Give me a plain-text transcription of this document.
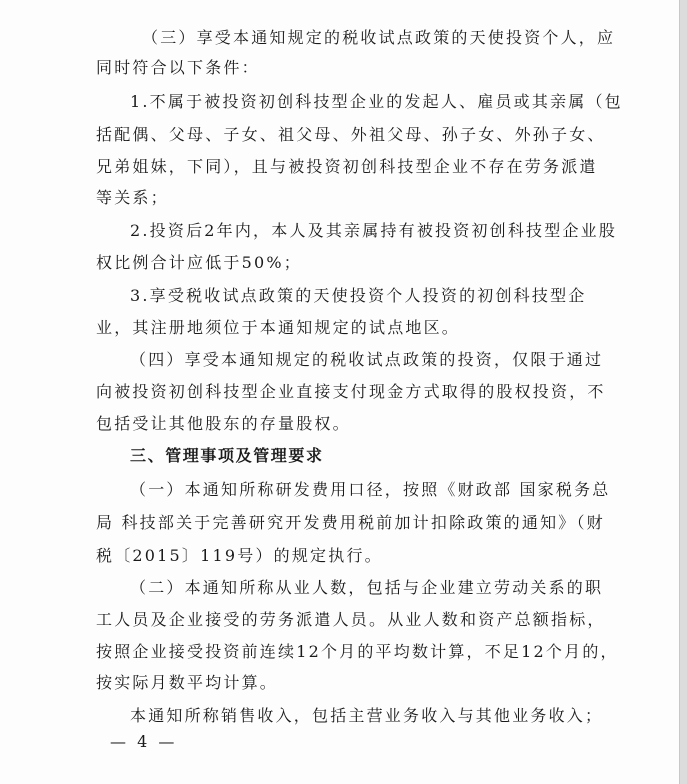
（三）享受本通知规定的税收试点政策的天使投资个人，应
同时符合以下条件：
1.不属于被投资初创科技型企业的发起人、雇员或其亲属（包
括配偶、父母、子女、祖父母、外祖父母、孙子女、外孙子女、
兄弟姐妹，下同），且与被投资初创科技型企业不存在劳务派遣
等关系；
2.投资后2年内，本人及其亲属持有被投资初创科技型企业股
权比例合计应低于50%；
3.享受税收试点政策的天使投资个人投资的初创科技型企
业，其注册地须位于本通知规定的试点地区。
（四）享受本通知规定的税收试点政策的投资，仅限于通过
向被投资初创科技型企业直接支付现金方式取得的股权投资，不
包括受让其他股东的存量股权。
三、管理事项及管理要求
（一）本通知所称研发费用口径，按照《财政部 国家税务总
局 科技部关于完善研究开发费用税前加计扣除政策的通知》（财
税〔2015〕119号）的规定执行。
（二）本通知所称从业人数，包括与企业建立劳动关系的职
工人员及企业接受的劳务派遣人员。从业人数和资产总额指标，
按照企业接受投资前连续12个月的平均数计算，不足12个月的，
按实际月数平均计算。
本通知所称销售收入，包括主营业务收入与其他业务收入；
— 4 —
